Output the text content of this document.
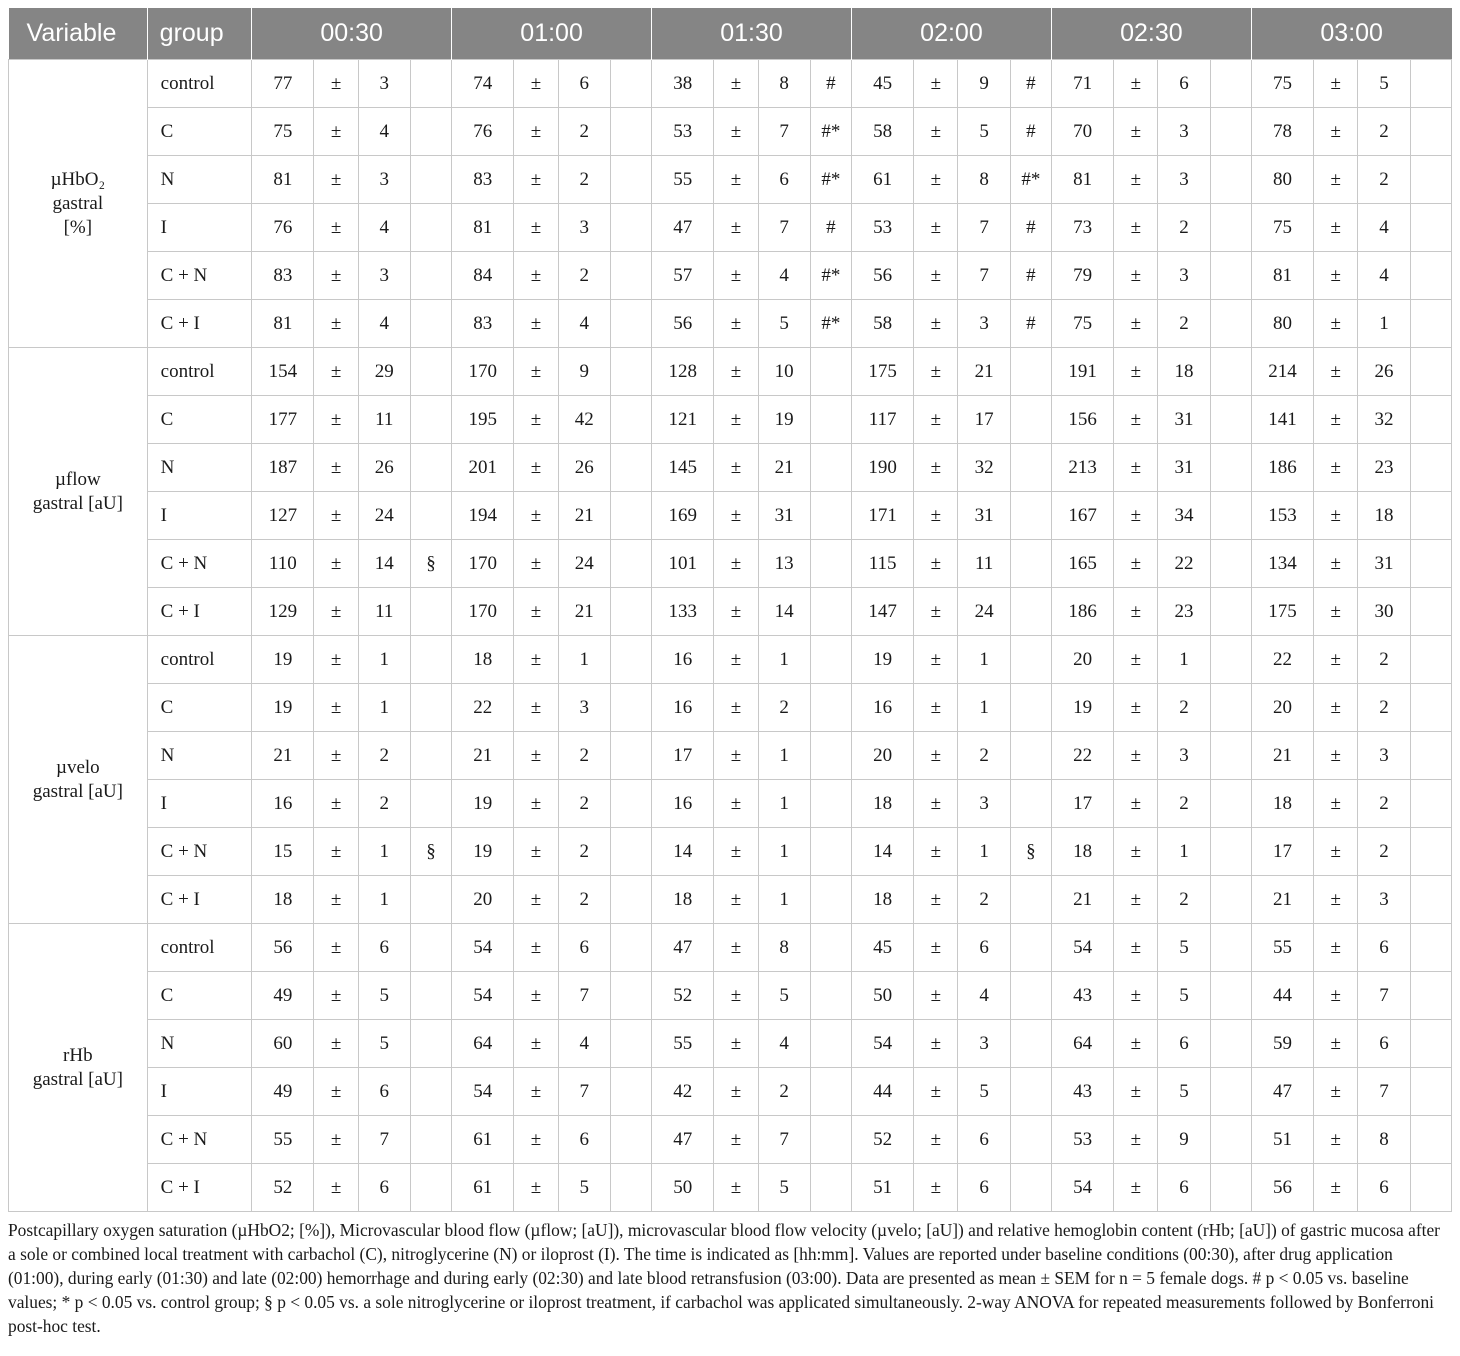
Variable	group	00:30				01:00				01:30				02:00				02:30				03:00			

µHbO₂
gastral
[%]	control	77	±	3		74	±	6		38	±	8	#	45	±	9	#	71	±	6		75	±	5	
	C	75	±	4		76	±	2		53	±	7	#*	58	±	5	#	70	±	3		78	±	2	
	N	81	±	3		83	±	2		55	±	6	#*	61	±	8	#*	81	±	3		80	±	2	
	I	76	±	4		81	±	3		47	±	7	#	53	±	7	#	73	±	2		75	±	4	
	C + N	83	±	3		84	±	2		57	±	4	#*	56	±	7	#	79	±	3		81	±	4	
	C + I	81	±	4		83	±	4		56	±	5	#*	58	±	3	#	75	±	2		80	±	1	

µflow
gastral [aU]	control	154	±	29		170	±	9		128	±	10		175	±	21		191	±	18		214	±	26	
	C	177	±	11		195	±	42		121	±	19		117	±	17		156	±	31		141	±	32	
	N	187	±	26		201	±	26		145	±	21		190	±	32		213	±	31		186	±	23	
	I	127	±	24		194	±	21		169	±	31		171	±	31		167	±	34		153	±	18	
	C + N	110	±	14	§	170	±	24		101	±	13		115	±	11		165	±	22		134	±	31	
	C + I	129	±	11		170	±	21		133	±	14		147	±	24		186	±	23		175	±	30	

µvelo
gastral [aU]	control	19	±	1		18	±	1		16	±	1		19	±	1		20	±	1		22	±	2	
	C	19	±	1		22	±	3		16	±	2		16	±	1		19	±	2		20	±	2	
	N	21	±	2		21	±	2		17	±	1		20	±	2		22	±	3		21	±	3	
	I	16	±	2		19	±	2		16	±	1		18	±	3		17	±	2		18	±	2	
	C + N	15	±	1	§	19	±	2		14	±	1		14	±	1	§	18	±	1		17	±	2	
	C + I	18	±	1		20	±	2		18	±	1		18	±	2		21	±	2		21	±	3	

rHb
gastral [aU]	control	56	±	6		54	±	6		47	±	8		45	±	6		54	±	5		55	±	6	
	C	49	±	5		54	±	7		52	±	5		50	±	4		43	±	5		44	±	7	
	N	60	±	5		64	±	4		55	±	4		54	±	3		64	±	6		59	±	6	
	I	49	±	6		54	±	7		42	±	2		44	±	5		43	±	5		47	±	7	
	C + N	55	±	7		61	±	6		47	±	7		52	±	6		53	±	9		51	±	8	
	C + I	52	±	6		61	±	5		50	±	5		51	±	6		54	±	6		56	±	6	
Postcapillary oxygen saturation (µHbO2; [%]), Microvascular blood flow (µflow; [aU]), microvascular blood flow velocity (µvelo; [aU]) and relative hemoglobin content (rHb; [aU]) of gastric mucosa after a sole or combined local treatment with carbachol (C), nitroglycerine (N) or iloprost (I). The time is indicated as [hh:mm]. Values are reported under baseline conditions (00:30), after drug application (01:00), during early (01:30) and late (02:00) hemorrhage and during early (02:30) and late blood retransfusion (03:00). Data are presented as mean ± SEM for n = 5 female dogs. # p < 0.05 vs. baseline values; * p < 0.05 vs. control group; § p < 0.05 vs. a sole nitroglycerine or iloprost treatment, if carbachol was applicated simultaneously. 2-way ANOVA for repeated measurements followed by Bonferroni post-hoc test.
